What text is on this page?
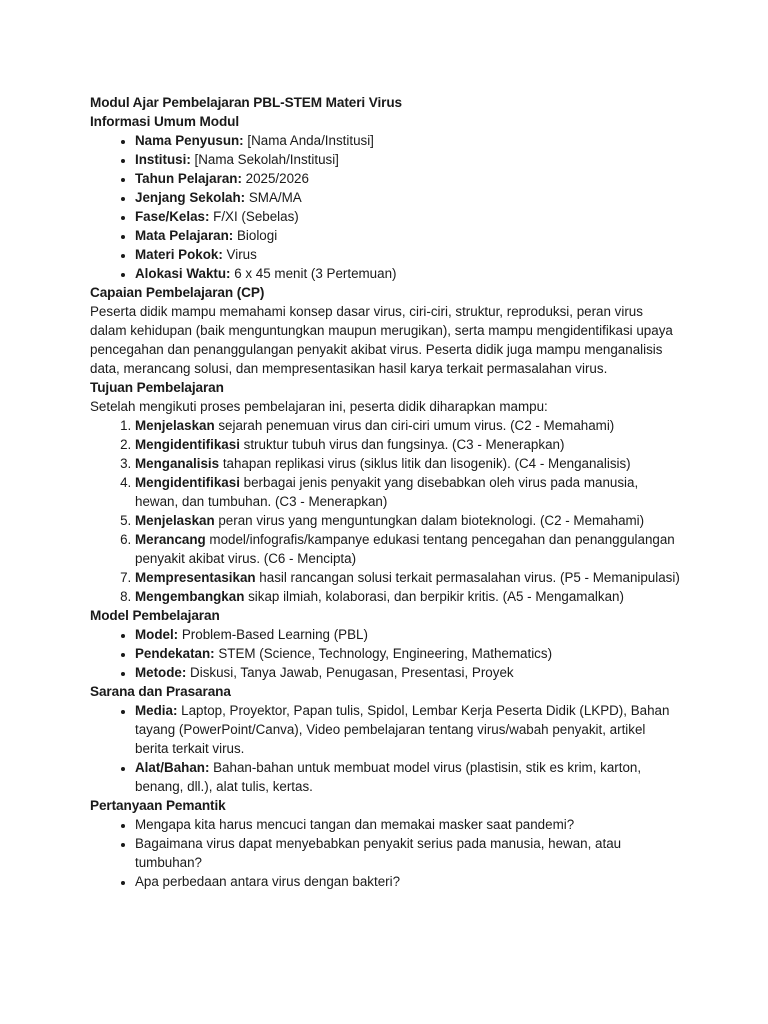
Modul Ajar Pembelajaran PBL-STEM Materi Virus

Informasi Umum Modul

• Nama Penyusun: [Nama Anda/Institusi]
• Institusi: [Nama Sekolah/Institusi]
• Tahun Pelajaran: 2025/2026
• Jenjang Sekolah: SMA/MA
• Fase/Kelas: F/XI (Sebelas)
• Mata Pelajaran: Biologi
• Materi Pokok: Virus
• Alokasi Waktu: 6 x 45 menit (3 Pertemuan)

Capaian Pembelajaran (CP)

Peserta didik mampu memahami konsep dasar virus, ciri-ciri, struktur, reproduksi, peran virus dalam kehidupan (baik menguntungkan maupun merugikan), serta mampu mengidentifikasi upaya pencegahan dan penanggulangan penyakit akibat virus. Peserta didik juga mampu menganalisis data, merancang solusi, dan mempresentasikan hasil karya terkait permasalahan virus.

Tujuan Pembelajaran

Setelah mengikuti proses pembelajaran ini, peserta didik diharapkan mampu:

1. Menjelaskan sejarah penemuan virus dan ciri-ciri umum virus. (C2 - Memahami)
2. Mengidentifikasi struktur tubuh virus dan fungsinya. (C3 - Menerapkan)
3. Menganalisis tahapan replikasi virus (siklus litik dan lisogenik). (C4 - Menganalisis)
4. Mengidentifikasi berbagai jenis penyakit yang disebabkan oleh virus pada manusia, hewan, dan tumbuhan. (C3 - Menerapkan)
5. Menjelaskan peran virus yang menguntungkan dalam bioteknologi. (C2 - Memahami)
6. Merancang model/infografis/kampanye edukasi tentang pencegahan dan penanggulangan penyakit akibat virus. (C6 - Mencipta)
7. Mempresentasikan hasil rancangan solusi terkait permasalahan virus. (P5 - Memanipulasi)
8. Mengembangkan sikap ilmiah, kolaborasi, dan berpikir kritis. (A5 - Mengamalkan)

Model Pembelajaran

• Model: Problem-Based Learning (PBL)
• Pendekatan: STEM (Science, Technology, Engineering, Mathematics)
• Metode: Diskusi, Tanya Jawab, Penugasan, Presentasi, Proyek

Sarana dan Prasarana

• Media: Laptop, Proyektor, Papan tulis, Spidol, Lembar Kerja Peserta Didik (LKPD), Bahan tayang (PowerPoint/Canva), Video pembelajaran tentang virus/wabah penyakit, artikel berita terkait virus.
• Alat/Bahan: Bahan-bahan untuk membuat model virus (plastisin, stik es krim, karton, benang, dll.), alat tulis, kertas.

Pertanyaan Pemantik

• Mengapa kita harus mencuci tangan dan memakai masker saat pandemi?
• Bagaimana virus dapat menyebabkan penyakit serius pada manusia, hewan, atau tumbuhan?
• Apa perbedaan antara virus dengan bakteri?
